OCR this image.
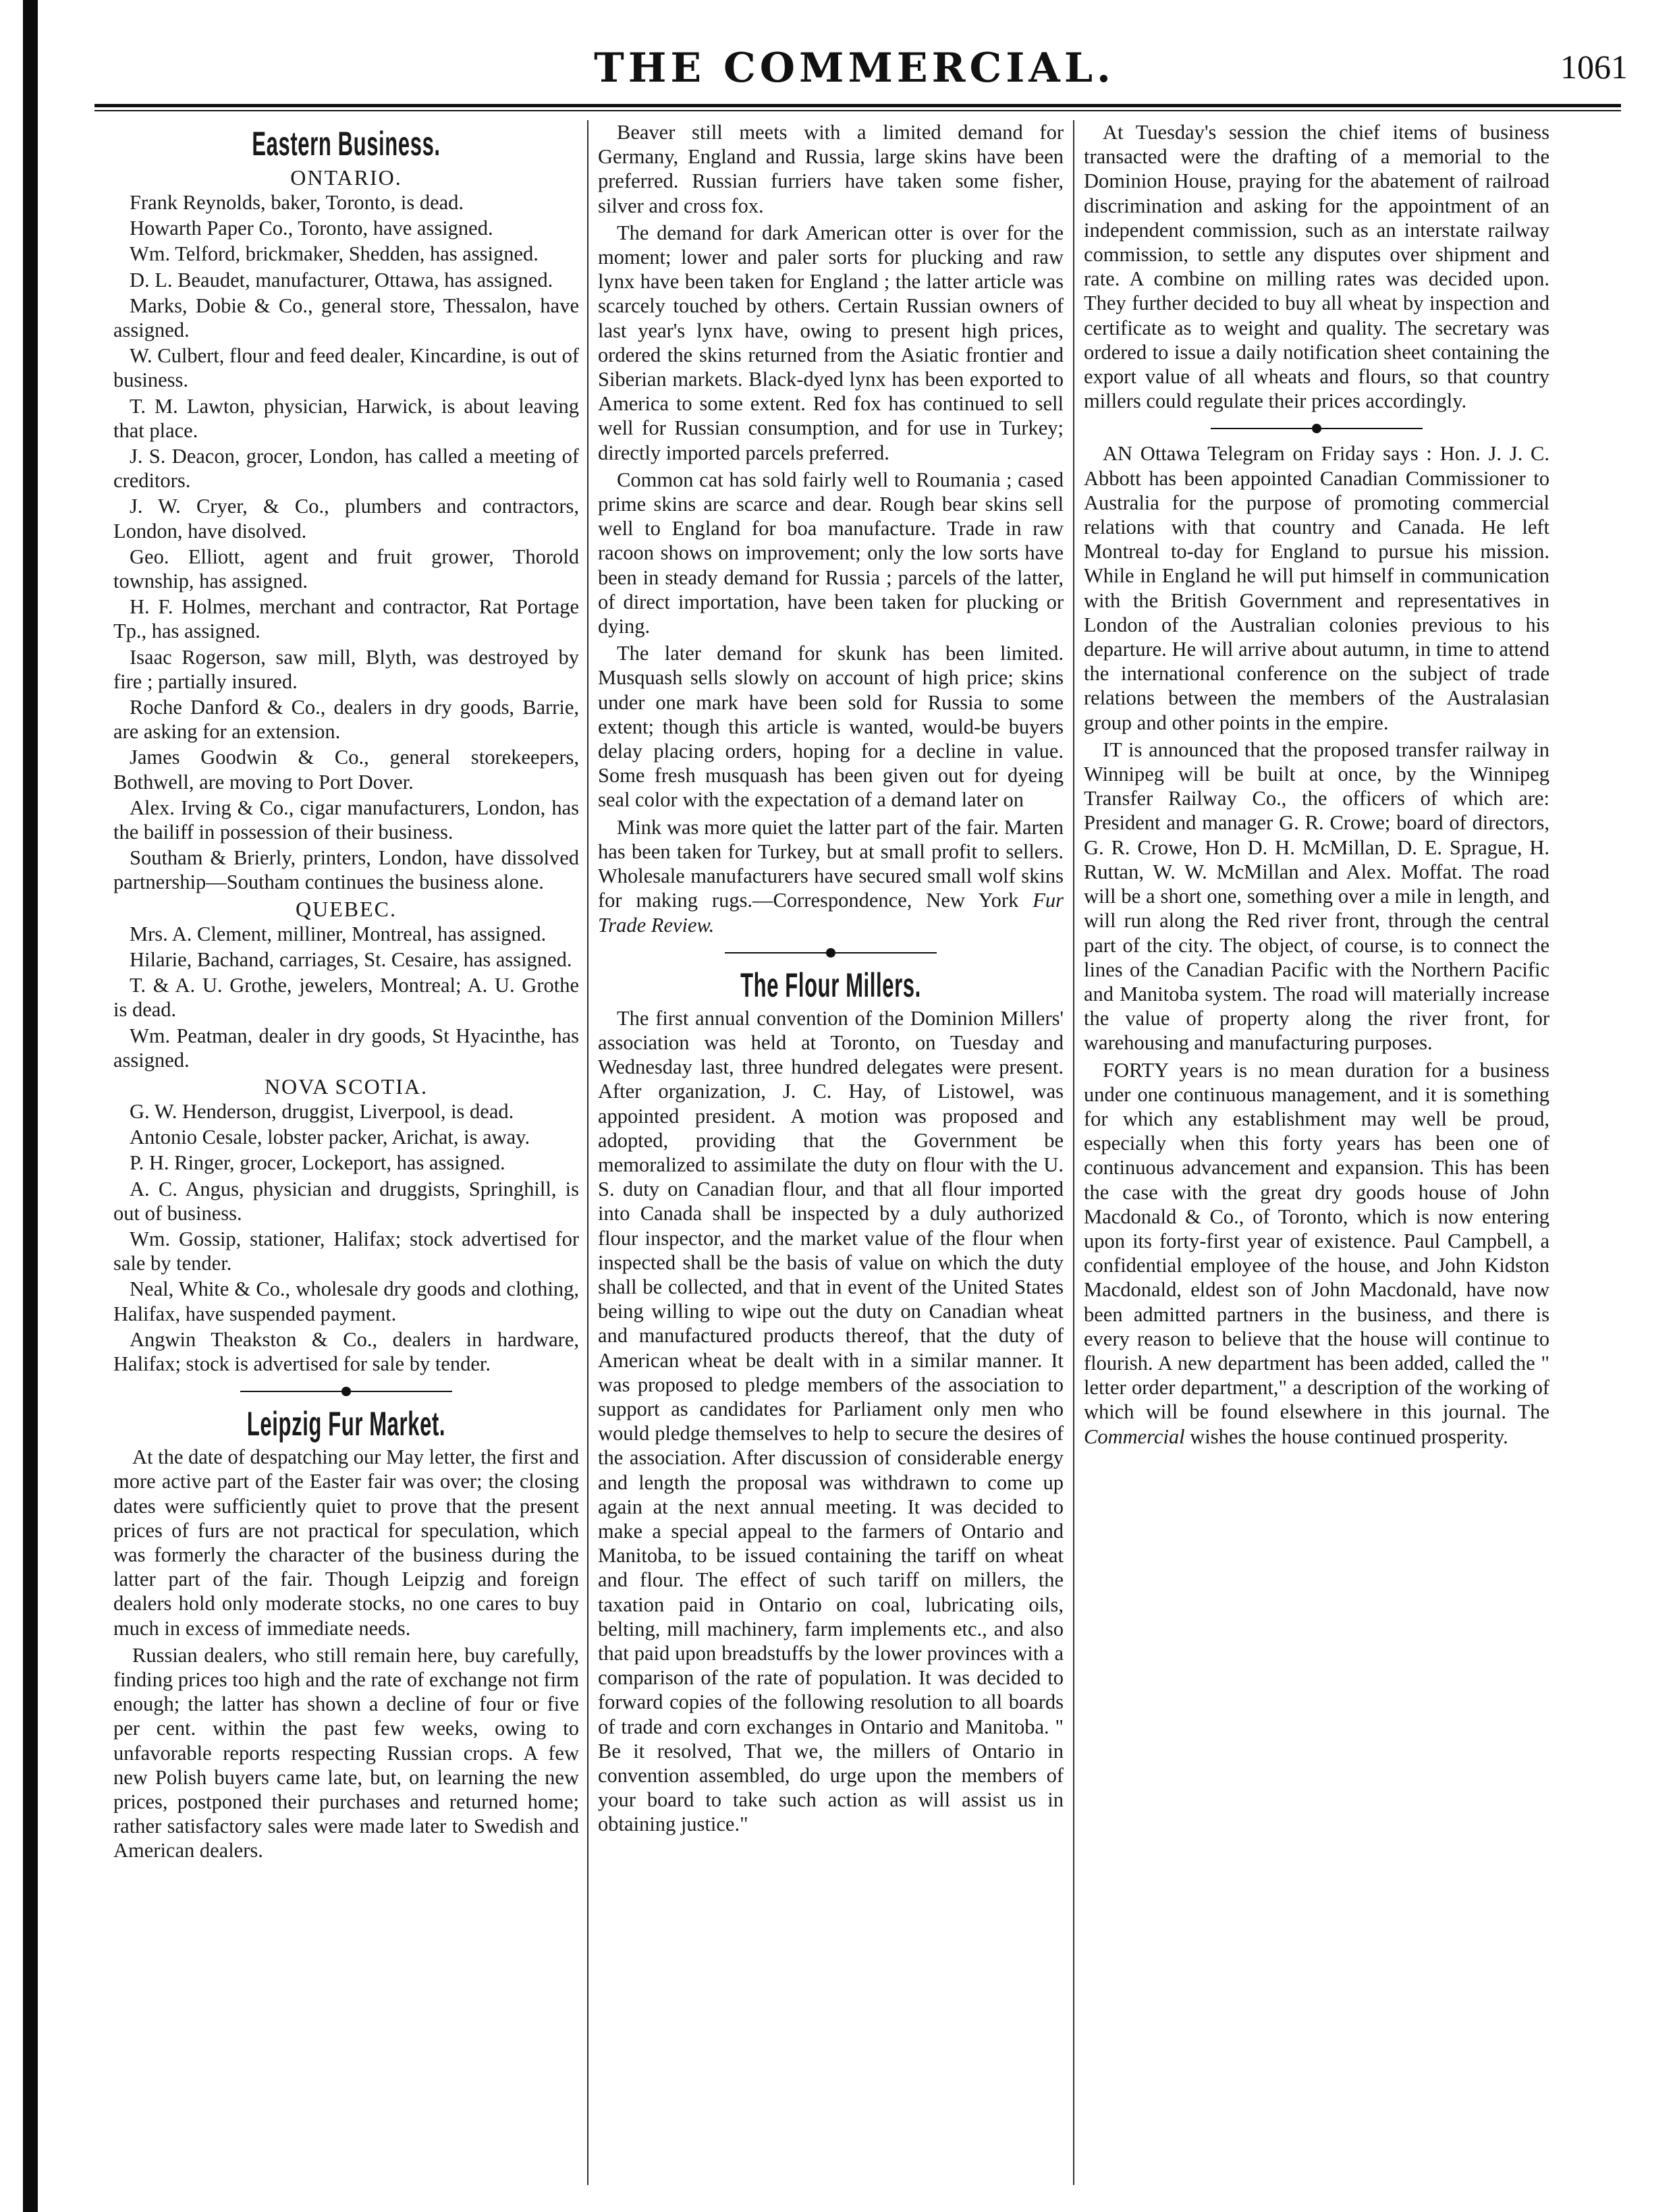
THE COMMERCIAL.	1061
Eastern Business.
ONTARIO.

Frank Reynolds, baker, Toronto, is dead.

Howarth Paper Co., Toronto, have assigned.

Wm. Telford, brickmaker, Shedden, has assigned.

D. L. Beaudet, manufacturer, Ottawa, has assigned.

Marks, Dobie & Co., general store, Thessalon, have assigned.

W. Culbert, flour and feed dealer, Kincardine, is out of business.

T. M. Lawton, physician, Harwick, is about leaving that place.

J. S. Deacon, grocer, London, has called a meeting of creditors.

J. W. Cryer, & Co., plumbers and contractors, London, have disolved.

Geo. Elliott, agent and fruit grower, Thorold township, has assigned.

H. F. Holmes, merchant and contractor, Rat Portage Tp., has assigned.

Isaac Rogerson, saw mill, Blyth, was destroyed by fire ; partially insured.

Roche Danford & Co., dealers in dry goods, Barrie, are asking for an extension.

James Goodwin & Co., general storekeepers, Bothwell, are moving to Port Dover.

Alex. Irving & Co., cigar manufacturers, London, has the bailiff in possession of their business.

Southam & Brierly, printers, London, have dissolved partnership—Southam continues the business alone.

QUEBEC.

Mrs. A. Clement, milliner, Montreal, has assigned.

Hilarie, Bachand, carriages, St. Cesaire, has assigned.

T. & A. U. Grothe, jewelers, Montreal; A. U. Grothe is dead.

Wm. Peatman, dealer in dry goods, St Hyacinthe, has assigned.

NOVA SCOTIA.

G. W. Henderson, druggist, Liverpool, is dead.

Antonio Cesale, lobster packer, Arichat, is away.

P. H. Ringer, grocer, Lockeport, has assigned.

A. C. Angus, physician and druggists, Springhill, is out of business.

Wm. Gossip, stationer, Halifax; stock advertised for sale by tender.

Neal, White & Co., wholesale dry goods and clothing, Halifax, have suspended payment.

Angwin Theakston & Co., dealers in hardware, Halifax; stock is advertised for sale by tender.

Leipzig Fur Market.

At the date of despatching our May letter, the first and more active part of the Easter fair was over; the closing dates were sufficiently quiet to prove that the present prices of furs are not practical for speculation, which was formerly the character of the business during the latter part of the fair. Though Leipzig and foreign dealers hold only moderate stocks, no one cares to buy much in excess of immediate needs.

Russian dealers, who still remain here, buy carefully, finding prices too high and the rate of exchange not firm enough; the latter has shown a decline of four or five per cent. within the past few weeks, owing to unfavorable reports respecting Russian crops. A few new Polish buyers came late, but, on learning the new prices, postponed their purchases and returned home; rather satisfactory sales were made later to Swedish and American dealers.

Beaver still meets with a limited demand for Germany, England and Russia, large skins have been preferred. Russian furriers have taken some fisher, silver and cross fox.

The demand for dark American otter is over for the moment; lower and paler sorts for plucking and raw lynx have been taken for England ; the latter article was scarcely touched by others. Certain Russian owners of last year's lynx have, owing to present high prices, ordered the skins returned from the Asiatic frontier and Siberian markets. Black-dyed lynx has been exported to America to some extent. Red fox has continued to sell well for Russian consumption, and for use in Turkey; directly imported parcels preferred.

Common cat has sold fairly well to Roumania ; cased prime skins are scarce and dear. Rough bear skins sell well to England for boa manufacture. Trade in raw racoon shows on improvement; only the low sorts have been in steady demand for Russia ; parcels of the latter, of direct importation, have been taken for plucking or dying.

The later demand for skunk has been limited. Musquash sells slowly on account of high price; skins under one mark have been sold for Russia to some extent; though this article is wanted, would-be buyers delay placing orders, hoping for a decline in value. Some fresh musquash has been given out for dyeing seal color with the expectation of a demand later on

Mink was more quiet the latter part of the fair. Marten has been taken for Turkey, but at small profit to sellers. Wholesale manufacturers have secured small wolf skins for making rugs.—Correspondence, New York Fur Trade Review.

The Flour Millers.

The first annual convention of the Dominion Millers' association was held at Toronto, on Tuesday and Wednesday last, three hundred delegates were present. After organization, J. C. Hay, of Listowel, was appointed president. A motion was proposed and adopted, providing that the Government be memoralized to assimilate the duty on flour with the U. S. duty on Canadian flour, and that all flour imported into Canada shall be inspected by a duly authorized flour inspector, and the market value of the flour when inspected shall be the basis of value on which the duty shall be collected, and that in event of the United States being willing to wipe out the duty on Canadian wheat and manufactured products thereof, that the duty of American wheat be dealt with in a similar manner. It was proposed to pledge members of the association to support as candidates for Parliament only men who would pledge themselves to help to secure the desires of the association. After discussion of considerable energy and length the proposal was withdrawn to come up again at the next annual meeting. It was decided to make a special appeal to the farmers of Ontario and Manitoba, to be issued containing the tariff on wheat and flour. The effect of such tariff on millers, the taxation paid in Ontario on coal, lubricating oils, belting, mill machinery, farm implements etc., and also that paid upon breadstuffs by the lower provinces with a comparison of the rate of population. It was decided to forward copies of the following resolution to all boards of trade and corn exchanges in Ontario and Manitoba. " Be it resolved, That we, the millers of Ontario in convention assembled, do urge upon the members of your board to take such action as will assist us in obtaining justice."

At Tuesday's session the chief items of business transacted were the drafting of a memorial to the Dominion House, praying for the abatement of railroad discrimination and asking for the appointment of an independent commission, such as an interstate railway commission, to settle any disputes over shipment and rate. A combine on milling rates was decided upon. They further decided to buy all wheat by inspection and certificate as to weight and quality. The secretary was ordered to issue a daily notification sheet containing the export value of all wheats and flours, so that country millers could regulate their prices accordingly.

AN Ottawa Telegram on Friday says : Hon. J. J. C. Abbott has been appointed Canadian Commissioner to Australia for the purpose of promoting commercial relations with that country and Canada. He left Montreal to-day for England to pursue his mission. While in England he will put himself in communication with the British Government and representatives in London of the Australian colonies previous to his departure. He will arrive about autumn, in time to attend the international conference on the subject of trade relations between the members of the Australasian group and other points in the empire.

IT is announced that the proposed transfer railway in Winnipeg will be built at once, by the Winnipeg Transfer Railway Co., the officers of which are: President and manager G. R. Crowe; board of directors, G. R. Crowe, Hon D. H. McMillan, D. E. Sprague, H. Ruttan, W. W. McMillan and Alex. Moffat. The road will be a short one, something over a mile in length, and will run along the Red river front, through the central part of the city. The object, of course, is to connect the lines of the Canadian Pacific with the Northern Pacific and Manitoba system. The road will materially increase the value of property along the river front, for warehousing and manufacturing purposes.

FORTY years is no mean duration for a business under one continuous management, and it is something for which any establishment may well be proud, especially when this forty years has been one of continuous advancement and expansion. This has been the case with the great dry goods house of John Macdonald & Co., of Toronto, which is now entering upon its forty-first year of existence. Paul Campbell, a confidential employee of the house, and John Kidston Macdonald, eldest son of John Macdonald, have now been admitted partners in the business, and there is every reason to believe that the house will continue to flourish. A new department has been added, called the " letter order department," a description of the working of which will be found elsewhere in this journal. The Commercial wishes the house continued prosperity.
